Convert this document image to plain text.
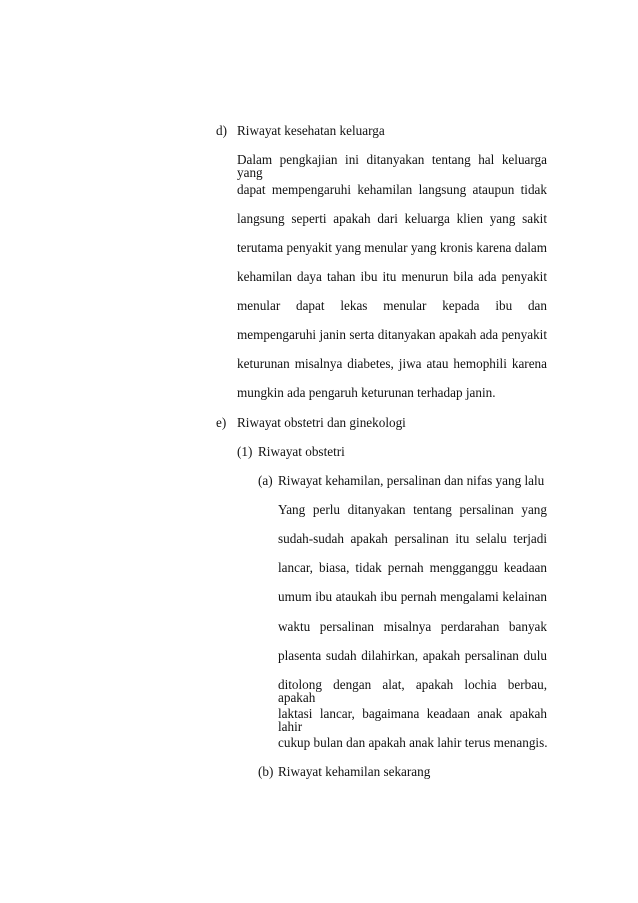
d) Riwayat kesehatan keluarga
Dalam pengkajian ini ditanyakan tentang hal keluarga yang
dapat mempengaruhi kehamilan langsung ataupun tidak
langsung seperti apakah dari keluarga klien yang sakit
terutama penyakit yang menular yang kronis karena dalam
kehamilan daya tahan ibu itu menurun bila ada penyakit
menular dapat lekas menular kepada ibu dan
mempengaruhi janin serta ditanyakan apakah ada penyakit
keturunan misalnya diabetes, jiwa atau hemophili karena
mungkin ada pengaruh keturunan terhadap janin.
e) Riwayat obstetri dan ginekologi
(1) Riwayat obstetri
(a) Riwayat kehamilan, persalinan dan nifas yang lalu
Yang perlu ditanyakan tentang persalinan yang
sudah-sudah apakah persalinan itu selalu terjadi
lancar, biasa, tidak pernah mengganggu keadaan
umum ibu ataukah ibu pernah mengalami kelainan
waktu persalinan misalnya perdarahan banyak
plasenta sudah dilahirkan, apakah persalinan dulu
ditolong dengan alat, apakah lochia berbau, apakah
laktasi lancar, bagaimana keadaan anak apakah lahir
cukup bulan dan apakah anak lahir terus menangis.
(b) Riwayat kehamilan sekarang
